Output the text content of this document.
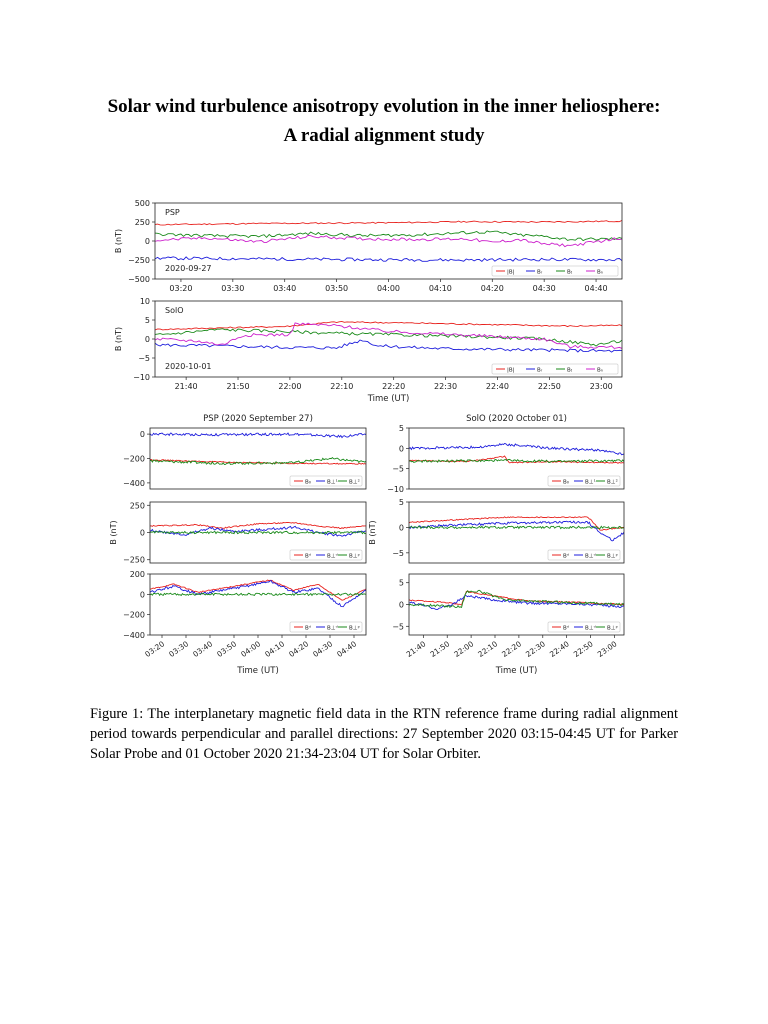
Solar wind turbulence anisotropy evolution in the inner heliosphere:
A radial alignment study
500
250
0
−250
−500
03:20	03:30	03:40	03:50	04:00	04:10	04:20	04:30	04:40
B (nT)
PSP
2020-09-27	|B|	Bᵣ	Bₜ	Bₙ
10
5
0
−5
−10
21:40	21:50	22:00	22:10	22:20	22:30	22:40	22:50	23:00
B (nT)
Time (UT)
SolO
2020-10-01	|B|	Bᵣ	Bₜ	Bₙ
0
−200
−400
PSP (2020 September 27)
B₀	B⊥¹ B⊥²
5
0
−5
−10
SolO (2020 October 01)
B₀	B⊥¹ B⊥²
250
0
−250
B (nT)
Bᵈ	B⊥ᵈ B⊥ᵖ
5
0
−5
B (nT)
Bᵈ	B⊥ᵈ B⊥ᵖ
200
0
−200
−400
03:20 03:30 03:40 03:50 04:00 04:10 04:20 04:30 04:40
Time (UT)
Bᵈ	B⊥ᵈ B⊥ᵖ
5
0
−5
21:40 21:50 22:00 22:10 22:20 22:30 22:40 22:50 23:00
Time (UT)
Bᵈ	B⊥ᵈ B⊥ᵖ
Figure 1: The interplanetary magnetic field data in the RTN reference frame during radial alignment period towards perpendicular and parallel directions: 27 September 2020 03:15-04:45 UT for Parker Solar Probe and 01 October 2020 21:34-23:04 UT for Solar Orbiter.
